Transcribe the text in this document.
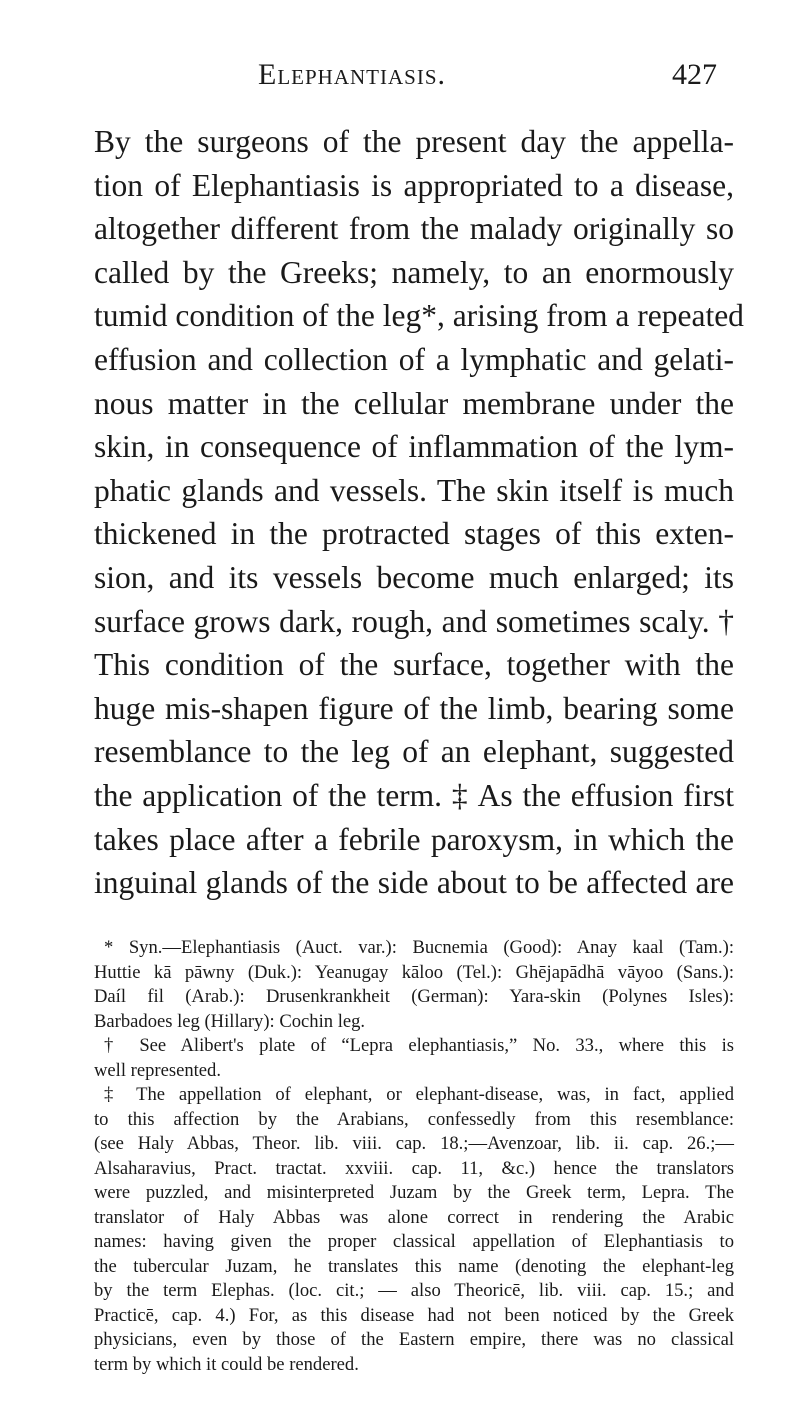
Elephantiasis.	427
By the surgeons of the present day the appella-
tion of Elephantiasis is appropriated to a disease,
altogether different from the malady originally so
called by the Greeks; namely, to an enormously
tumid condition of the leg*, arising from a repeated
effusion and collection of a lymphatic and gelati-
nous matter in the cellular membrane under the
skin, in consequence of inflammation of the lym-
phatic glands and vessels. The skin itself is much
thickened in the protracted stages of this exten-
sion, and its vessels become much enlarged; its
surface grows dark, rough, and sometimes scaly. †
This condition of the surface, together with the
huge mis-shapen figure of the limb, bearing some
resemblance to the leg of an elephant, suggested
the application of the term. ‡ As the effusion first
takes place after a febrile paroxysm, in which the
inguinal glands of the side about to be affected are
* Syn.—Elephantiasis (Auct. var.): Bucnemia (Good): Anay kaal (Tam.):
Huttie kā pāwny (Duk.): Yeanugay kāloo (Tel.): Ghējapādhā vāyoo (Sans.):
Daíl fil (Arab.): Drusenkrankheit (German): Yara-skin (Polynes Isles):
Barbadoes leg (Hillary): Cochin leg.
† See Alibert's plate of “Lepra elephantiasis,” No. 33., where this is
well represented.
‡ The appellation of elephant, or elephant-disease, was, in fact, applied
to this affection by the Arabians, confessedly from this resemblance:
(see Haly Abbas, Theor. lib. viii. cap. 18.;—Avenzoar, lib. ii. cap. 26.;—
Alsaharavius, Pract. tractat. xxviii. cap. 11, &c.) hence the translators
were puzzled, and misinterpreted Juzam by the Greek term, Lepra. The
translator of Haly Abbas was alone correct in rendering the Arabic
names: having given the proper classical appellation of Elephantiasis to
the tubercular Juzam, he translates this name (denoting the elephant-leg
by the term Elephas. (loc. cit.; — also Theoricē, lib. viii. cap. 15.; and
Practicē, cap. 4.) For, as this disease had not been noticed by the Greek
physicians, even by those of the Eastern empire, there was no classical
term by which it could be rendered.
